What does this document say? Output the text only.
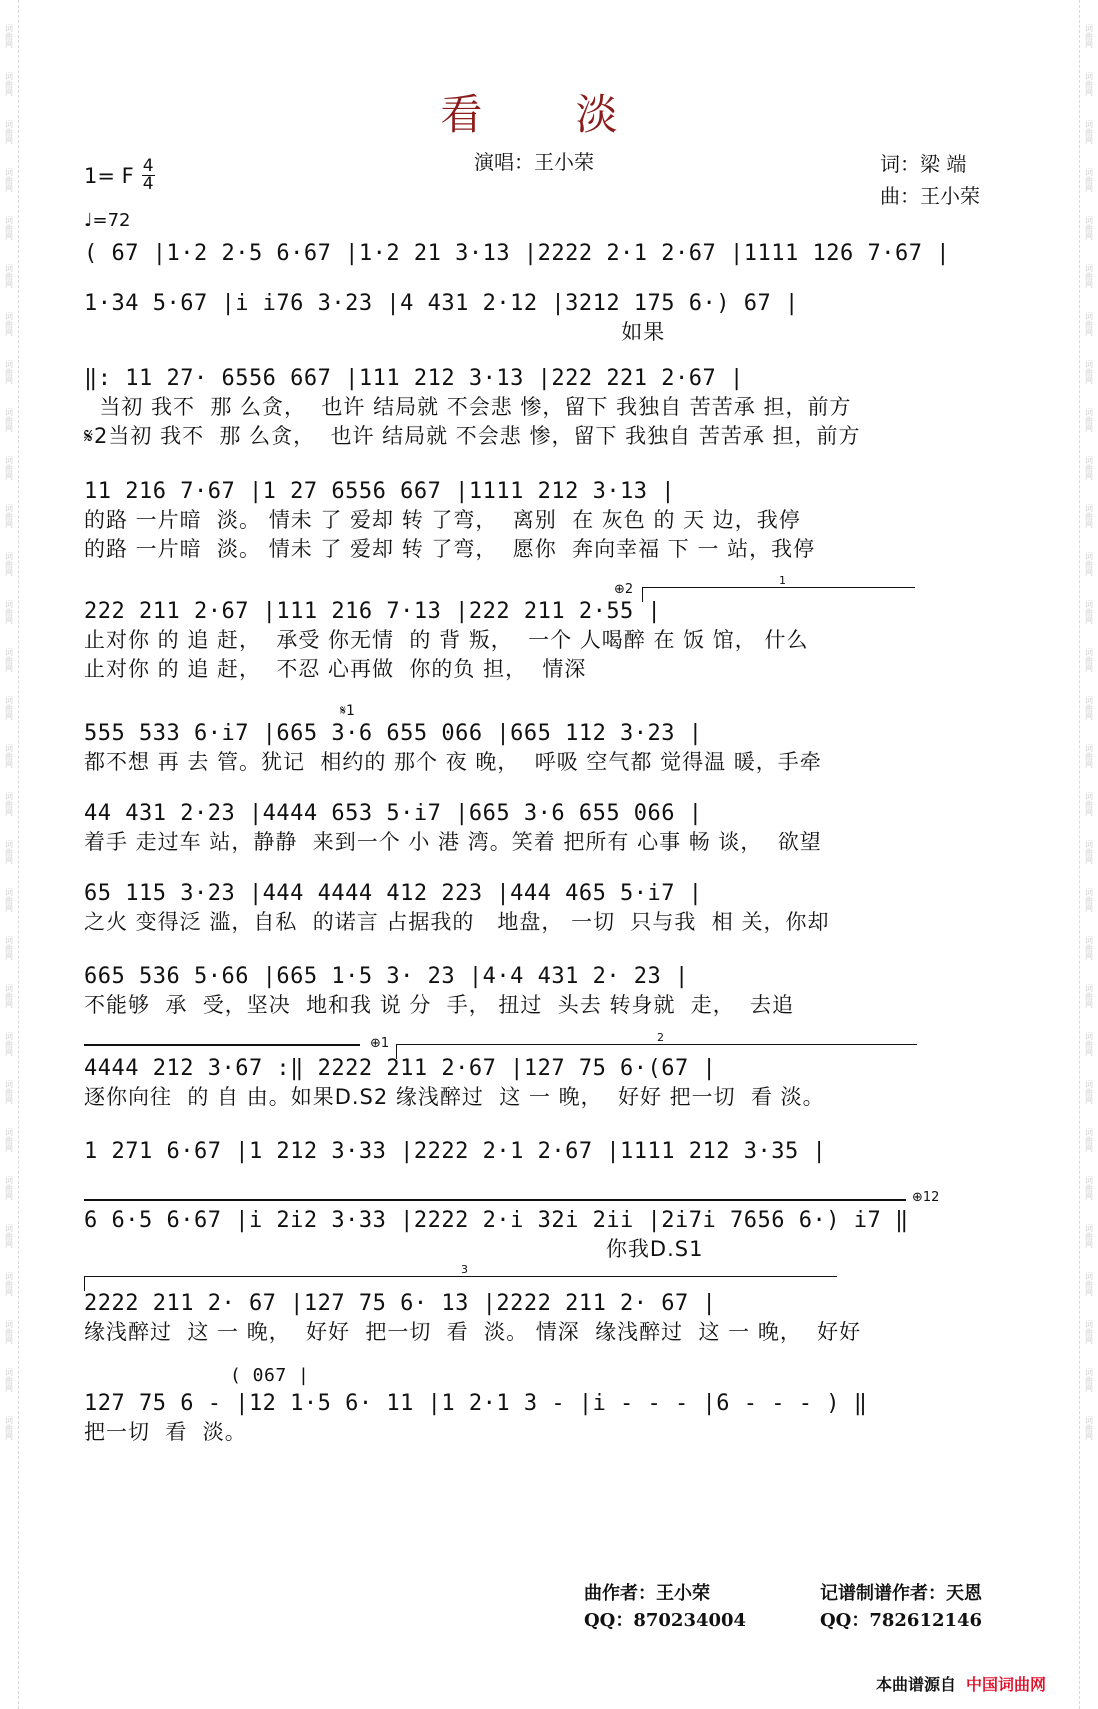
词曲网
词曲网
词曲网
词曲网
词曲网
词曲网
词曲网
词曲网
词曲网
词曲网
词曲网
词曲网
词曲网
词曲网
词曲网
词曲网
词曲网
词曲网
词曲网
词曲网
词曲网
词曲网
词曲网
词曲网
词曲网
词曲网
词曲网
词曲网
词曲网
词曲网
词曲网
词曲网
词曲网
词曲网
词曲网
词曲网
词曲网
词曲网
词曲网
词曲网
词曲网
词曲网
词曲网
词曲网
词曲网
词曲网
词曲网
词曲网
词曲网
词曲网
词曲网
词曲网
词曲网
词曲网
词曲网
词曲网
词曲网
词曲网
词曲网
词曲网
看 淡
演唱：王小荣	词：梁 端
曲：王小荣
1= F $\frac{4}{4}$
♩=72
( 67 |1·2 2·5 6·67 |1·2 21 3·13 |2222 2·1 2·67 |1111 126 7·67 |
1·34 5·67 |i i76 3·23 |4 431 2·12 |3212 175 6·) 67 |
如果
‖: 11 27· 6556 667 |111 212 3·13 |222 221 2·67 |
当初 我不  那 么贪，  也许 结局就 不会悲 惨，留下 我独自 苦苦承 担，前方
𝄋2当初 我不  那 么贪，  也许 结局就 不会悲 惨，留下 我独自 苦苦承 担，前方
11 216 7·67 |1 27 6556 667 |1111 212 3·13 |
的路 一片暗  淡。 情未 了 爱却 转 了弯，  离别  在 灰色 的 天 边，我停
的路 一片暗  淡。 情未 了 爱却 转 了弯，  愿你  奔向幸福 下 一 站，我停
222 211 2·67 |111 216 7·13 |222 211 2·55 |
止对你 的 追 赶，  承受 你无情  的 背 叛，  一个 人喝醉 在 饭 馆， 什么
止对你 的 追 赶，  不忍 心再做  你的负 担，  情深
555 533 6·i7 |665 3·6 655 066 |665 112 3·23 |
都不想 再 去 管。犹记  相约的 那个 夜 晚，  呼吸 空气都 觉得温 暖，手牵
44 431 2·23 |4444 653 5·i7 |665 3·6 655 066 |
着手 走过车 站，静静  来到一个 小 港 湾。笑着 把所有 心事 畅 谈，  欲望
65 115 3·23 |444 4444 412 223 |444 465 5·i7 |
之火 变得泛 滥，自私  的诺言 占据我的   地盘， 一切  只与我  相 关，你却
665 536 5·66 |665 1·5 3· 23 |4·4 431 2· 23 |
不能够  承  受，坚决  地和我 说 分  手， 扭过  头去 转身就  走，  去追
4444 212 3·67 :‖ 2222 211 2·67 |127 75 6·(67 |
逐你向往  的 自 由。如果D.S2 缘浅醉过  这 一 晚，  好好 把一切  看 淡。
1 271 6·67 |1 212 3·33 |2222 2·1 2·67 |1111 212 3·35 |
6 6·5 6·67 |i 2i2 3·33 |2222 2·i 32i 2ii |2i7i 7656 6·) i7 ‖
你我D.S1
2222 211 2· 67 |127 75 6· 13 |2222 211 2· 67 |
缘浅醉过  这 一 晚，  好好  把一切  看  淡。 情深  缘浅醉过  这 一 晚，  好好
127 75 6 - |12 1·5 6· 11 |1 2·1 3 - |i - - - |6 - - - ) ‖
把一切  看  淡。
𝄋1
⊕2
1
⊕1	2
⊕12
3
( 067 |
曲作者：王小荣
QQ：870234004
记谱制谱作者：天恩
QQ：782612146
本曲谱源自 中国词曲网
